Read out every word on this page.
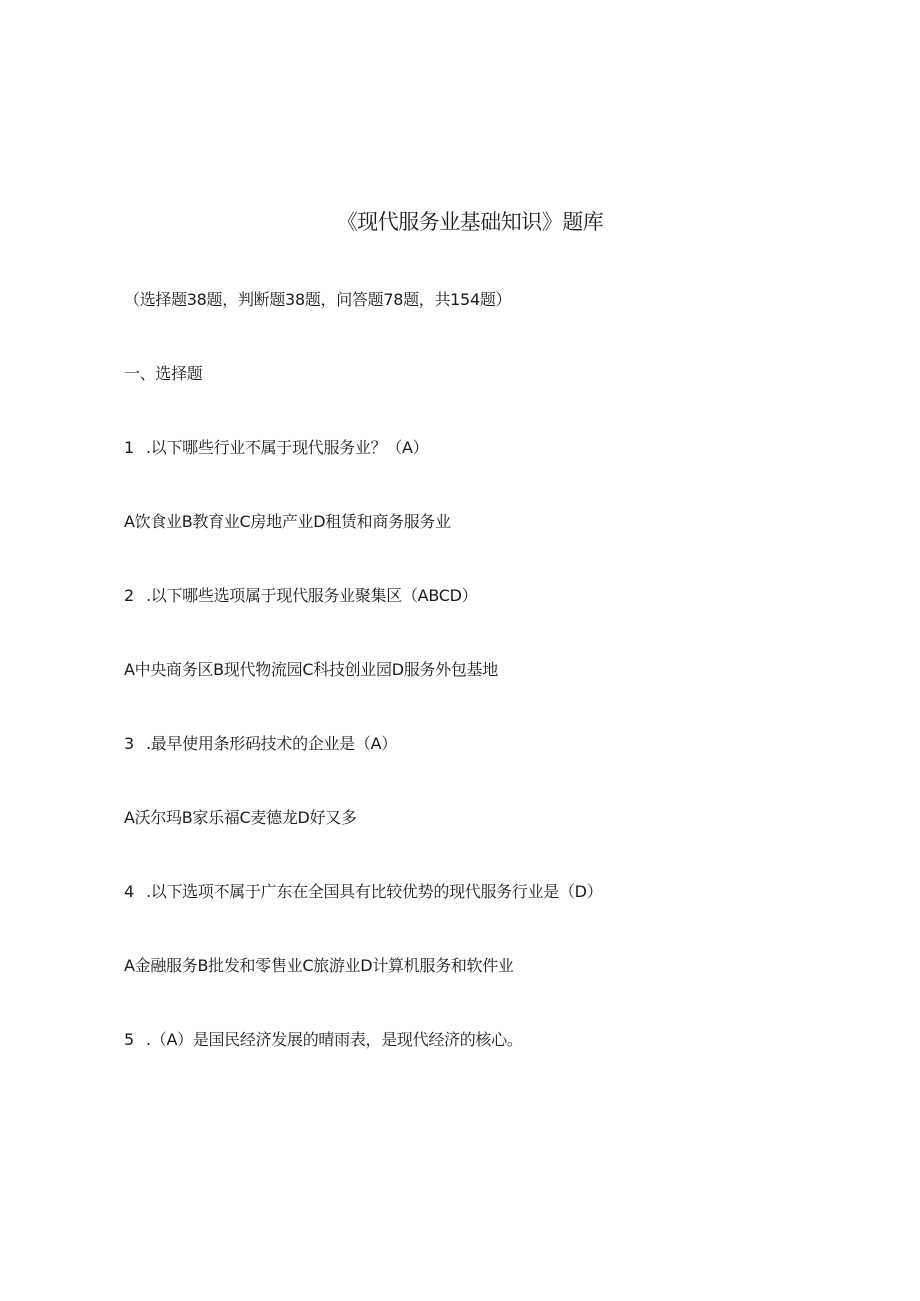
《现代服务业基础知识》题库

（选择题38题，判断题38题，问答题78题，共154题）

一、选择题

1 .以下哪些行业不属于现代服务业？（A）

A饮食业B教育业C房地产业D租赁和商务服务业

2 .以下哪些选项属于现代服务业聚集区（ABCD）

A中央商务区B现代物流园C科技创业园D服务外包基地

3 .最早使用条形码技术的企业是（A）

A沃尔玛B家乐福C麦德龙D好又多

4 .以下选项不属于广东在全国具有比较优势的现代服务行业是（D）

A金融服务B批发和零售业C旅游业D计算机服务和软件业

5 .（A）是国民经济发展的晴雨表，是现代经济的核心。
